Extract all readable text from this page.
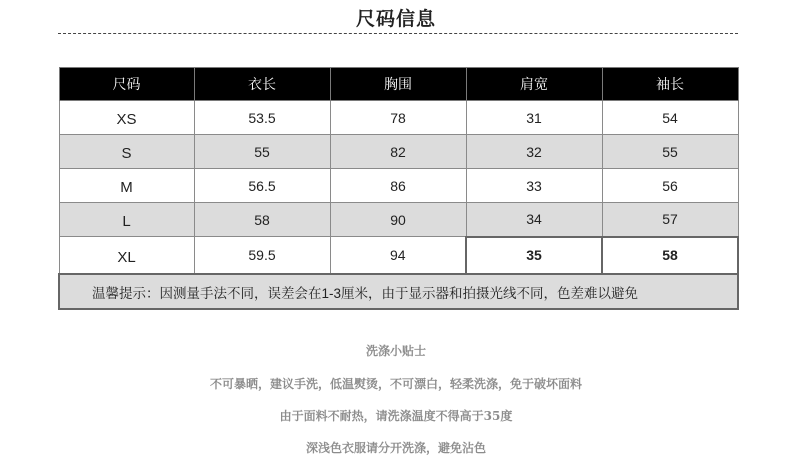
尺码信息
尺码	衣长	胸围	肩宽	袖长
XS	53.5	78	31	54
S	55	82	32	55
M	56.5	86	33	56
L	58	90	34	57
XL	59.5	94	35	58
温馨提示：因测量手法不同，误差会在1-3厘米，由于显示器和拍摄光线不同，色差难以避免				
洗涤小贴士
不可暴晒，建议手洗，低温熨烫，不可漂白，轻柔洗涤，免于破坏面料
由于面料不耐热，请洗涤温度不得高于35度
深浅色衣服请分开洗涤，避免沾色
